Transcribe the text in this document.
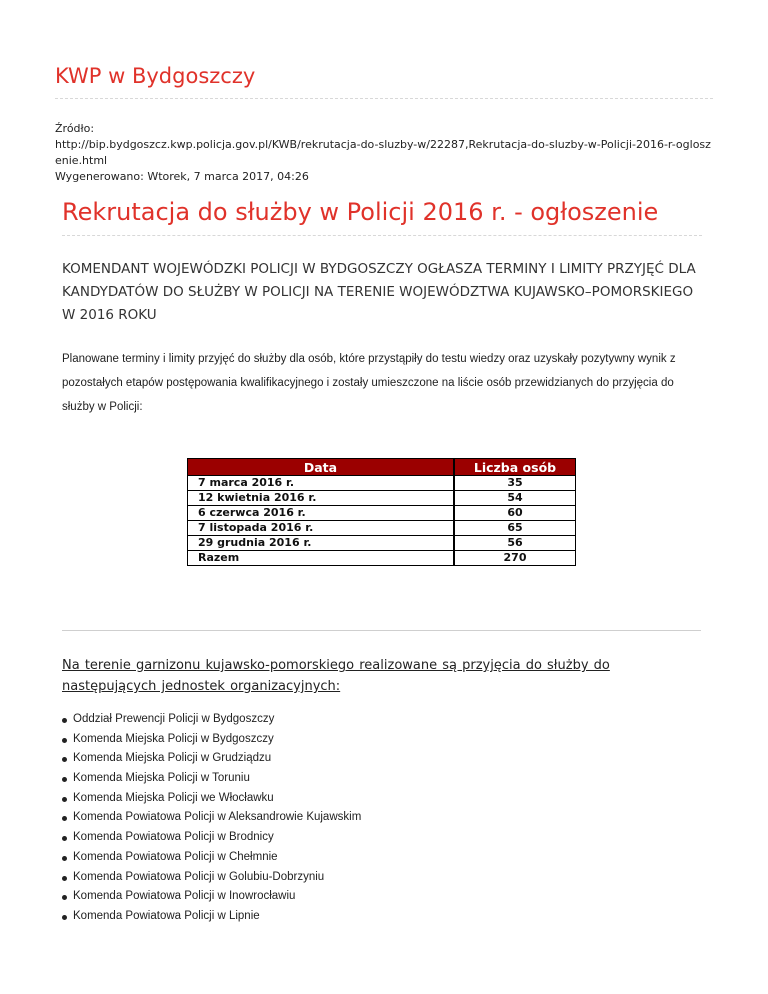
KWP w Bydgoszczy
Źródło:
http://bip.bydgoszcz.kwp.policja.gov.pl/KWB/rekrutacja-do-sluzby-w/22287,Rekrutacja-do-sluzby-w-Policji-2016-r-ogloszenie.html
Wygenerowano: Wtorek, 7 marca 2017, 04:26
Rekrutacja do służby w Policji 2016 r. - ogłoszenie

KOMENDANT WOJEWÓDZKI POLICJI W BYDGOSZCZY OGŁASZA TERMINY I LIMITY PRZYJĘĆ DLA KANDYDATÓW DO SŁUŻBY W POLICJI NA TERENIE WOJEWÓDZTWA KUJAWSKO–POMORSKIEGO W 2016 ROKU

Planowane terminy i limity przyjęć do służby dla osób, które przystąpiły do testu wiedzy oraz uzyskały pozytywny wynik z pozostałych etapów postępowania kwalifikacyjnego i zostały umieszczone na liście osób przewidzianych do przyjęcia do służby w Policji:

Data		Liczba osób
7 marca 2016 r.		35
12 kwietnia 2016 r.		54
6 czerwca 2016 r.		60
7 listopada 2016 r.		65
29 grudnia 2016 r.		56
Razem		270

Na terenie garnizonu kujawsko-pomorskiego realizowane są przyjęcia do służby do następujących jednostek organizacyjnych:

Oddział Prewencji Policji w Bydgoszczy
Komenda Miejska Policji w Bydgoszczy
Komenda Miejska Policji w Grudziądzu
Komenda Miejska Policji w Toruniu
Komenda Miejska Policji we Włocławku
Komenda Powiatowa Policji w Aleksandrowie Kujawskim
Komenda Powiatowa Policji w Brodnicy
Komenda Powiatowa Policji w Chełmnie
Komenda Powiatowa Policji w Golubiu-Dobrzyniu
Komenda Powiatowa Policji w Inowrocławiu
Komenda Powiatowa Policji w Lipnie
